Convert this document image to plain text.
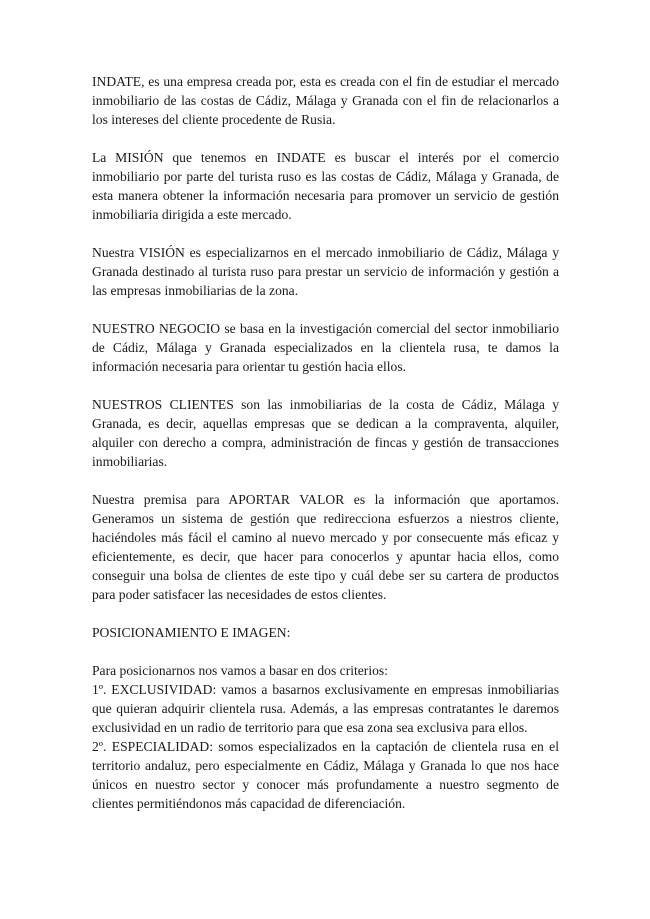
INDATE, es una empresa creada por, esta es creada con el fin de estudiar el mercado inmobiliario de las costas de Cádiz, Málaga y Granada con el fin de relacionarlos a los intereses del cliente procedente de Rusia.

La MISIÓN que tenemos en INDATE es buscar el interés por el comercio inmobiliario por parte del turista ruso es las costas de Cádiz, Málaga y Granada, de esta manera obtener la información necesaria para promover un servicio de gestión inmobiliaria dirigida a este mercado.

Nuestra VISIÓN es especializarnos en el mercado inmobiliario de Cádiz, Málaga y Granada destinado al turista ruso para prestar un servicio de información y gestión a las empresas inmobiliarias de la zona.

NUESTRO NEGOCIO se basa en la investigación comercial del sector inmobiliario de Cádiz, Málaga y Granada especializados en la clientela rusa, te damos la información necesaria para orientar tu gestión hacia ellos.

NUESTROS CLIENTES son las inmobiliarias de la costa de Cádiz, Málaga y Granada, es decir, aquellas empresas que se dedican a la compraventa, alquiler, alquiler con derecho a compra, administración de fincas y gestión de transacciones inmobiliarias.

Nuestra premisa para APORTAR VALOR es la información que aportamos. Generamos un sistema de gestión que redirecciona esfuerzos a niestros cliente, haciéndoles más fácil el camino al nuevo mercado y por consecuente más eficaz y eficientemente, es decir, que hacer para conocerlos y apuntar hacia ellos, como conseguir una bolsa de clientes de este tipo y cuál debe ser su cartera de productos para poder satisfacer las necesidades de estos clientes.

POSICIONAMIENTO E IMAGEN:

Para posicionarnos nos vamos a basar en dos criterios:

1º. EXCLUSIVIDAD: vamos a basarnos exclusivamente en empresas inmobiliarias que quieran adquirir clientela rusa. Además, a las empresas contratantes le daremos exclusividad en un radio de territorio para que esa zona sea exclusiva para ellos.

2º. ESPECIALIDAD: somos especializados en la captación de clientela rusa en el territorio andaluz, pero especialmente en Cádiz, Málaga y Granada lo que nos hace únicos en nuestro sector y conocer más profundamente a nuestro segmento de clientes permitiéndonos más capacidad de diferenciación.
